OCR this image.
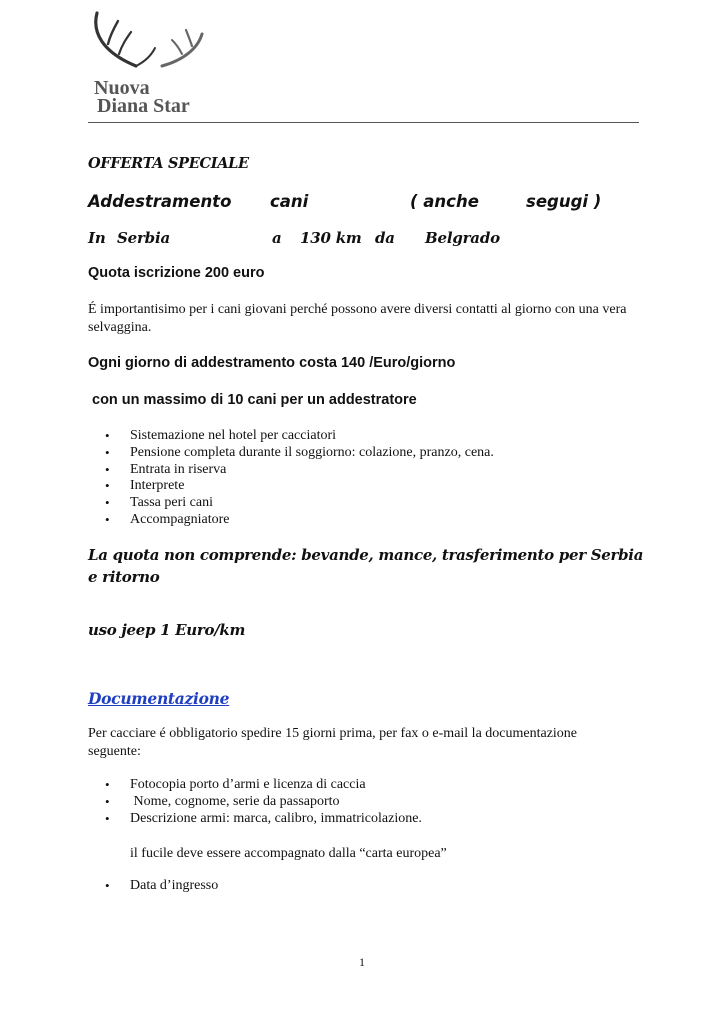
Nuova
Diana Star
OFFERTA SPECIALE
Addestramento cani	( anche	segugi )
In Serbia	a 130 km da Belgrado
Quota iscrizione 200 euro
É importantisimo per i cani giovani perché possono avere diversi contatti al giorno con una vera selvaggina.
Ogni giorno di addestramento costa 140 /Euro/giorno
con un massimo di 10 cani per un addestratore
• Sistemazione nel hotel per cacciatori
• Pensione completa durante il soggiorno: colazione, pranzo, cena.
• Entrata in riserva
• Interprete
• Tassa peri cani
• Accompagniatore
La quota non comprende: bevande, mance, trasferimento per Serbia e ritorno
uso jeep 1 Euro/km
Documentazione
Per cacciare é obbligatorio spedire 15 giorni prima, per fax o e-mail la documentazione seguente:
• Fotocopia porto d’armi e licenza di caccia
• Nome, cognome, serie da passaporto
• Descrizione armi: marca, calibro, immatricolazione.
il fucile deve essere accompagnato dalla “carta europea”
• Data d’ingresso
1
